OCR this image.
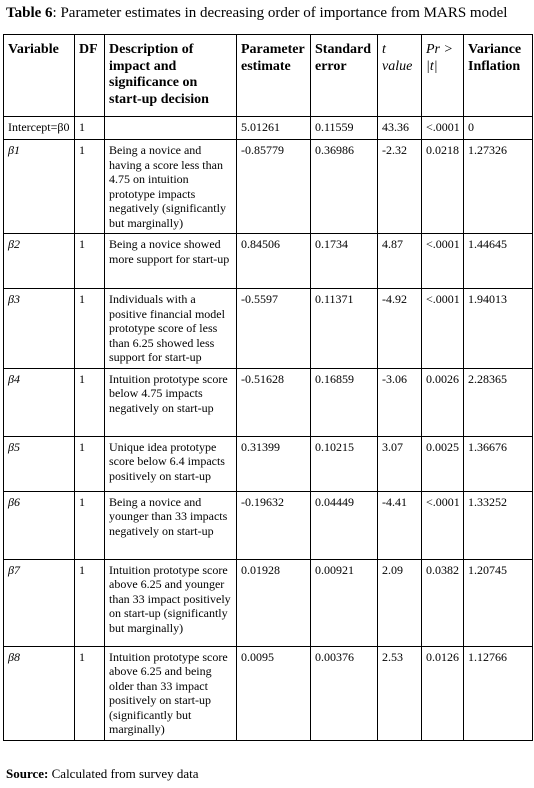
Table 6: Parameter estimates in decreasing order of importance from MARS model
Variable	DF	Description of impact and significance on start-up decision	Parameter estimate	Standard error	t value	Pr > |t|	Variance Inflation
Intercept=β0	1		5.01261	0.11559	43.36	<.0001	0
β1	1	Being a novice and having a score less than 4.75 on intuition prototype impacts negatively (significantly but marginally)	-0.85779	0.36986	-2.32	0.0218	1.27326
β2	1	Being a novice showed more support for start-up	0.84506	0.1734	4.87	<.0001	1.44645
β3	1	Individuals with a positive financial model prototype score of less than 6.25 showed less support for start-up	-0.5597	0.11371	-4.92	<.0001	1.94013
β4	1	Intuition prototype score below 4.75 impacts negatively on start-up	-0.51628	0.16859	-3.06	0.0026	2.28365
β5	1	Unique idea prototype score below 6.4 impacts positively on start-up	0.31399	0.10215	3.07	0.0025	1.36676
β6	1	Being a novice and younger than 33 impacts negatively on start-up	-0.19632	0.04449	-4.41	<.0001	1.33252
β7	1	Intuition prototype score above 6.25 and younger than 33 impact positively on start-up (significantly but marginally)	0.01928	0.00921	2.09	0.0382	1.20745
β8	1	Intuition prototype score above 6.25 and being older than 33 impact positively on start-up (significantly but marginally)	0.0095	0.00376	2.53	0.0126	1.12766
Source: Calculated from survey data
